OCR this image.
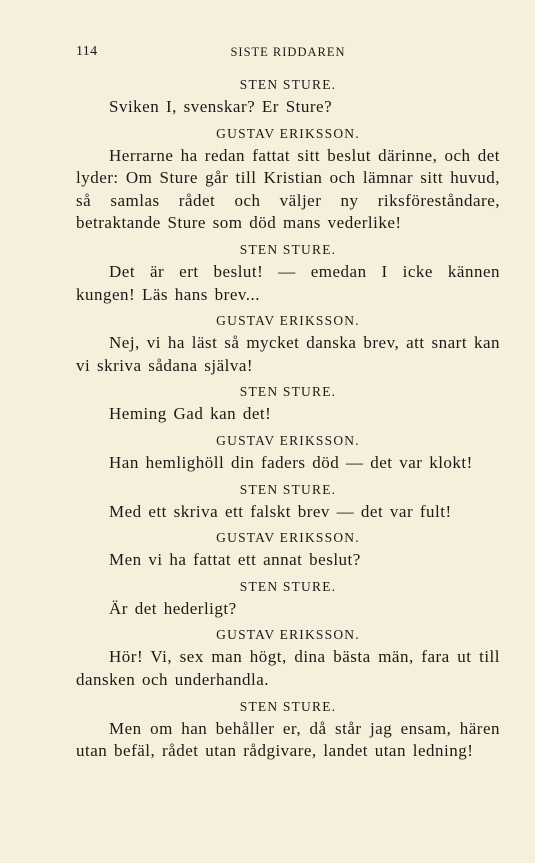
114	SISTE RIDDAREN
STEN STURE.

Sviken I, svenskar? Er Sture?

GUSTAV ERIKSSON.

Herrarne ha redan fattat sitt beslut därinne, och det lyder: Om Sture går till Kristian och lämnar sitt huvud, så samlas rådet och väljer ny riksföreståndare, betraktande Sture som död mans vederlike!

STEN STURE.

Det är ert beslut! — emedan I icke kännen kungen! Läs hans brev...

GUSTAV ERIKSSON.

Nej, vi ha läst så mycket danska brev, att snart kan vi skriva sådana själva!

STEN STURE.

Heming Gad kan det!

GUSTAV ERIKSSON.

Han hemlighöll din faders död — det var klokt!

STEN STURE.

Med ett skriva ett falskt brev — det var fult!

GUSTAV ERIKSSON.

Men vi ha fattat ett annat beslut?

STEN STURE.

Är det hederligt?

GUSTAV ERIKSSON.

Hör! Vi, sex man högt, dina bästa män, fara ut till dansken och underhandla.

STEN STURE.

Men om han behåller er, då står jag ensam, hären utan befäl, rådet utan rådgivare, landet utan ledning!
